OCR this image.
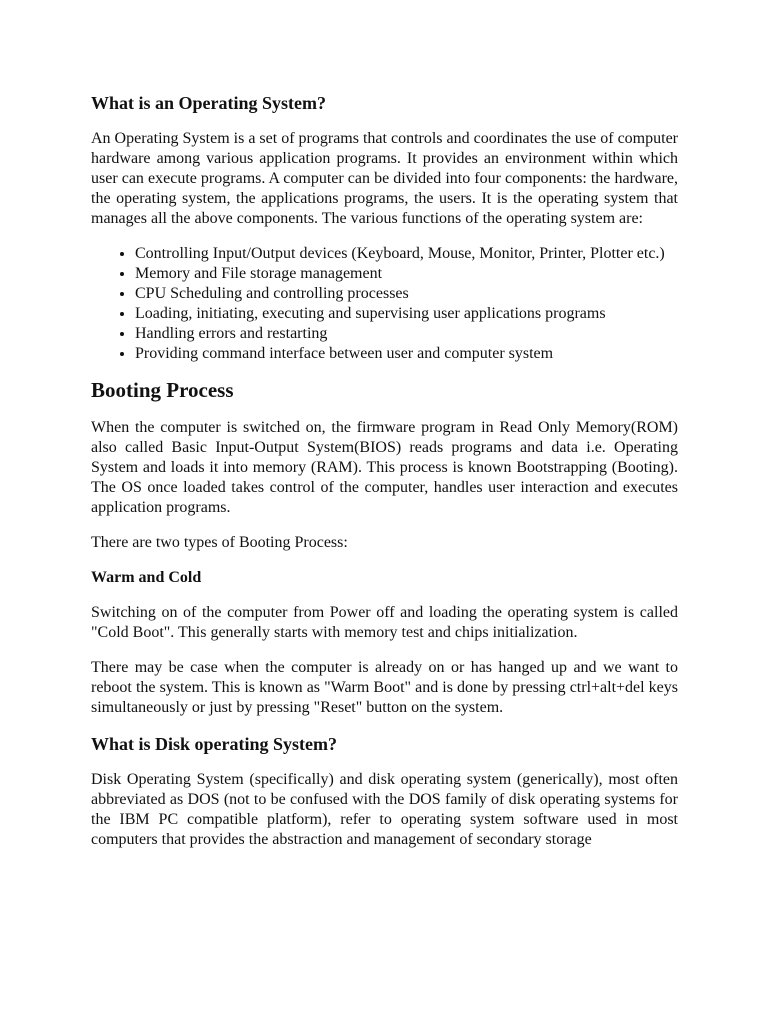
What is an Operating System?

An Operating System is a set of programs that controls and coordinates the use of computer hardware among various application programs. It provides an environment within which user can execute programs. A computer can be divided into four components: the hardware, the operating system, the applications programs, the users. It is the operating system that manages all the above components. The various functions of the operating system are:

• Controlling Input/Output devices (Keyboard, Mouse, Monitor, Printer, Plotter etc.)
• Memory and File storage management
• CPU Scheduling and controlling processes
• Loading, initiating, executing and supervising user applications programs
• Handling errors and restarting
• Providing command interface between user and computer system
Booting Process

When the computer is switched on, the firmware program in Read Only Memory(ROM) also called Basic Input-Output System(BIOS) reads programs and data i.e. Operating System and loads it into memory (RAM). This process is known Bootstrapping (Booting). The OS once loaded takes control of the computer, handles user interaction and executes application programs.

There are two types of Booting Process:

Warm and Cold

Switching on of the computer from Power off and loading the operating system is called "Cold Boot". This generally starts with memory test and chips initialization.

There may be case when the computer is already on or has hanged up and we want to reboot the system. This is known as "Warm Boot" and is done by pressing ctrl+alt+del keys simultaneously or just by pressing "Reset" button on the system.

What is Disk operating System?

Disk Operating System (specifically) and disk operating system (generically), most often abbreviated as DOS (not to be confused with the DOS family of disk operating systems for the IBM PC compatible platform), refer to operating system software used in most computers that provides the abstraction and management of secondary storage
